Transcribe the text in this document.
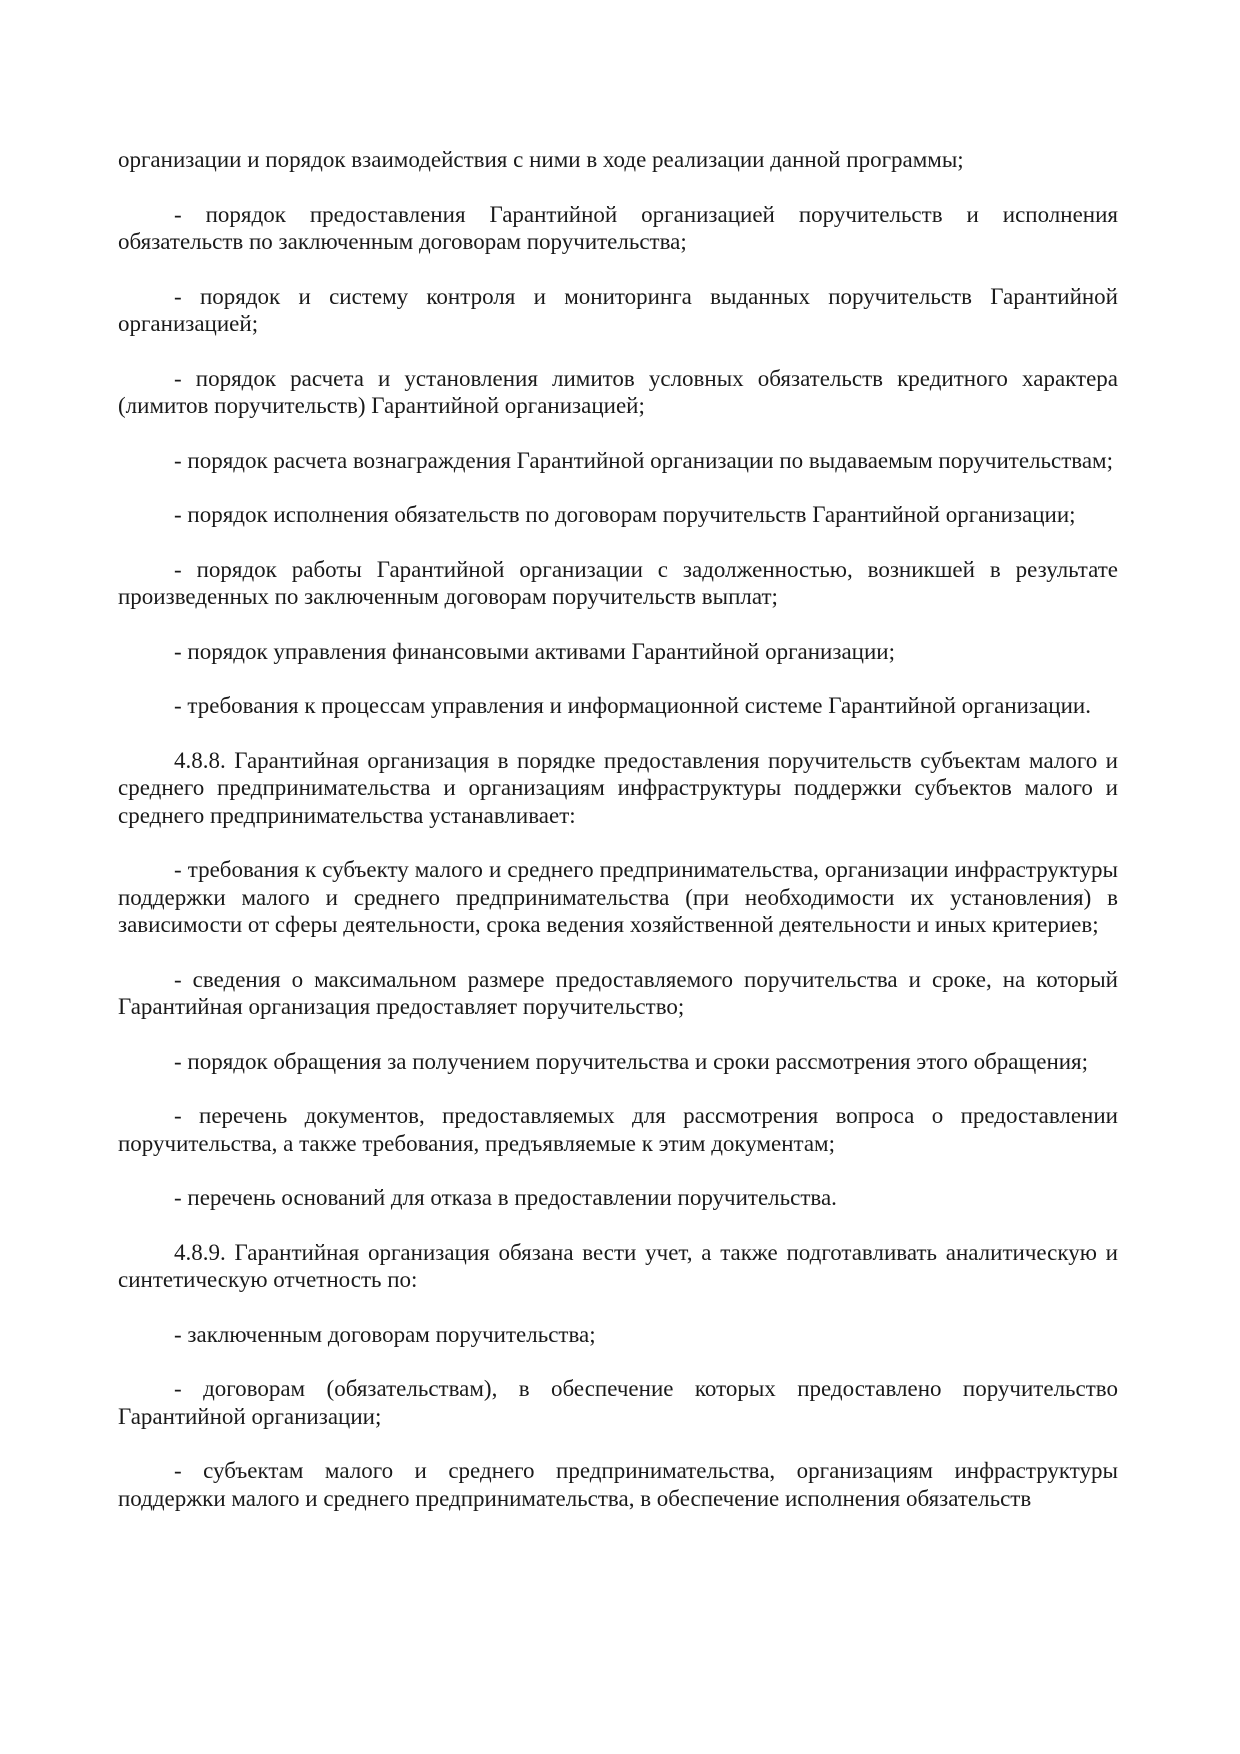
организации и порядок взаимодействия с ними в ходе реализации данной программы;

- порядок предоставления Гарантийной организацией поручительств и исполнения обязательств по заключенным договорам поручительства;

- порядок и систему контроля и мониторинга выданных поручительств Гарантийной организацией;

- порядок расчета и установления лимитов условных обязательств кредитного характера (лимитов поручительств) Гарантийной организацией;

- порядок расчета вознаграждения Гарантийной организации по выдаваемым поручительствам;

- порядок исполнения обязательств по договорам поручительств Гарантийной организации;

- порядок работы Гарантийной организации с задолженностью, возникшей в результате произведенных по заключенным договорам поручительств выплат;

- порядок управления финансовыми активами Гарантийной организации;

- требования к процессам управления и информационной системе Гарантийной организации.

4.8.8. Гарантийная организация в порядке предоставления поручительств субъектам малого и среднего предпринимательства и организациям инфраструктуры поддержки субъектов малого и среднего предпринимательства устанавливает:

- требования к субъекту малого и среднего предпринимательства, организации инфраструктуры поддержки малого и среднего предпринимательства (при необходимости их установления) в зависимости от сферы деятельности, срока ведения хозяйственной деятельности и иных критериев;

- сведения о максимальном размере предоставляемого поручительства и сроке, на который Гарантийная организация предоставляет поручительство;

- порядок обращения за получением поручительства и сроки рассмотрения этого обращения;

- перечень документов, предоставляемых для рассмотрения вопроса о предоставлении поручительства, а также требования, предъявляемые к этим документам;

- перечень оснований для отказа в предоставлении поручительства.

4.8.9. Гарантийная организация обязана вести учет, а также подготавливать аналитическую и синтетическую отчетность по:

- заключенным договорам поручительства;

- договорам (обязательствам), в обеспечение которых предоставлено поручительство Гарантийной организации;

- субъектам малого и среднего предпринимательства, организациям инфраструктуры поддержки малого и среднего предпринимательства, в обеспечение исполнения обязательств
